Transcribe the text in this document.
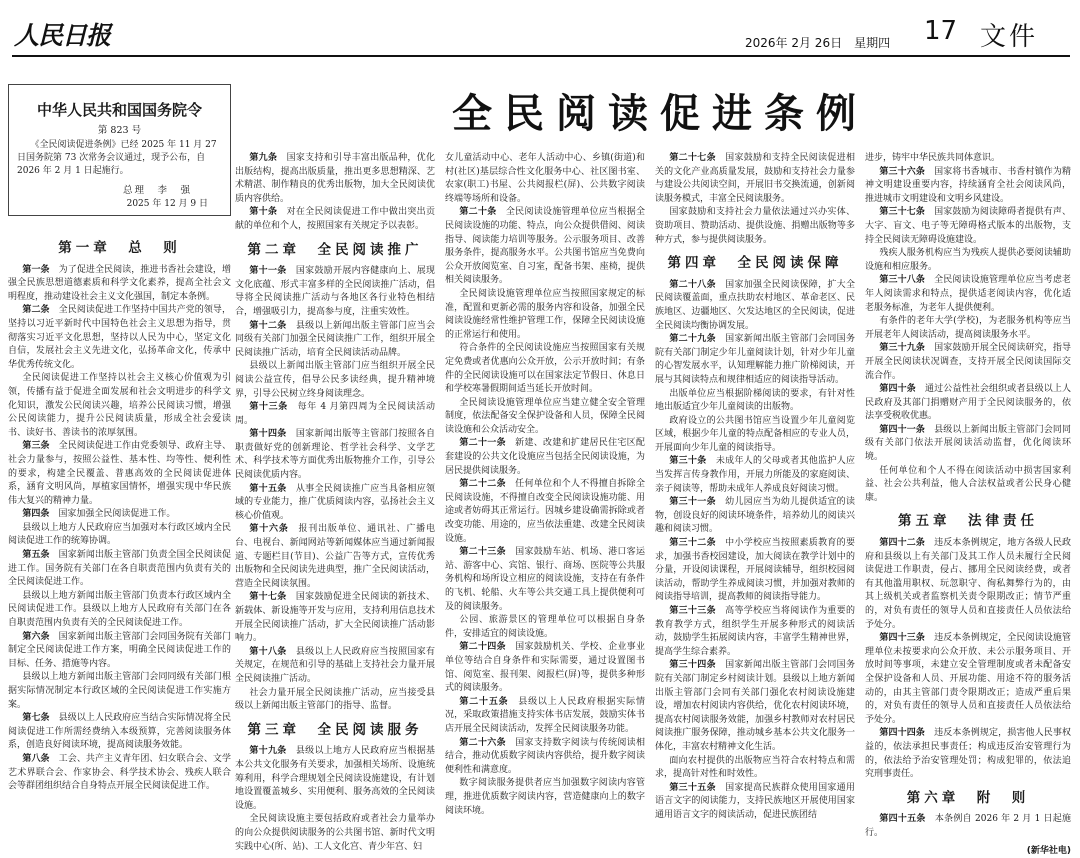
人民日报	2026年 2月 26日　星期四 17 文件
中华人民共和国国务院令
第 823 号
《全民阅读促进条例》已经 2025 年 11 月 27 日国务院第 73 次常务会议通过，现予公布，自 2026 年 2 月 1 日起施行。
总理　李　强
2025 年 12 月 9 日
全民阅读促进条例
第一章　总　则

第一条　为了促进全民阅读，推进书香社会建设，增强全民族思想道德素质和科学文化素养，提高全社会文明程度，推动建设社会主义文化强国，制定本条例。

第二条　全民阅读促进工作坚持中国共产党的领导，坚持以习近平新时代中国特色社会主义思想为指导，贯彻落实习近平文化思想，坚持以人民为中心，坚定文化自信，发展社会主义先进文化，弘扬革命文化，传承中华优秀传统文化。

全民阅读促进工作坚持以社会主义核心价值观为引领，传播有益于促进全面发展和社会文明进步的科学文化知识，激发公民阅读兴趣，培养公民阅读习惯，增强公民阅读能力，提升公民阅读质量，形成全社会爱读书、读好书、善读书的浓厚氛围。

第三条　全民阅读促进工作由党委领导、政府主导、社会力量参与，按照公益性、基本性、均等性、便利性的要求，构建全民覆盖、普惠高效的全民阅读促进体系，涵育文明风尚，厚植家国情怀，增强实现中华民族伟大复兴的精神力量。

第四条　国家加强全民阅读促进工作。

县级以上地方人民政府应当加强对本行政区域内全民阅读促进工作的统筹协调。

第五条　国家新闻出版主管部门负责全国全民阅读促进工作。国务院有关部门在各自职责范围内负责有关的全民阅读促进工作。

县级以上地方新闻出版主管部门负责本行政区域内全民阅读促进工作。县级以上地方人民政府有关部门在各自职责范围内负责有关的全民阅读促进工作。

第六条　国家新闻出版主管部门会同国务院有关部门制定全民阅读促进工作方案，明确全民阅读促进工作的目标、任务、措施等内容。

县级以上地方新闻出版主管部门会同同级有关部门根据实际情况制定本行政区域的全民阅读促进工作实施方案。

第七条　县级以上人民政府应当结合实际情况将全民阅读促进工作所需经费纳入本级预算，完善阅读服务体系，创造良好阅读环境，提高阅读服务效能。

第八条　工会、共产主义青年团、妇女联合会、文学艺术界联合会、作家协会、科学技术协会、残疾人联合会等群团组织结合自身特点开展全民阅读促进工作。

第九条　国家支持和引导丰富出版品种，优化出版结构，提高出版质量，推出更多思想精深、艺术精湛、制作精良的优秀出版物，加大全民阅读优质内容供给。

第十条　对在全民阅读促进工作中做出突出贡献的单位和个人，按照国家有关规定予以表彰。

第二章　全民阅读推广

第十一条　国家鼓励开展内容健康向上、展现文化底蕴、形式丰富多样的全民阅读推广活动，倡导将全民阅读推广活动与各地区各行业特色相结合，增强吸引力，提高参与度，注重实效性。

第十二条　县级以上新闻出版主管部门应当会同级有关部门加强全民阅读推广工作，组织开展全民阅读推广活动，培育全民阅读活动品牌。

县级以上新闻出版主管部门应当组织开展全民阅读公益宣传，倡导公民多读经典，提升精神境界，引导公民树立终身阅读理念。

第十三条　每年 4 月第四周为全民阅读活动周。

第十四条　国家新闻出版等主管部门按照各自职责做好党的创新理论、哲学社会科学、文学艺术、科学技术等方面优秀出版物推介工作，引导公民阅读优质内容。

第十五条　从事全民阅读推广应当具备相应领域的专业能力，推广优质阅读内容，弘扬社会主义核心价值观。

第十六条　报刊出版单位、通讯社、广播电台、电视台、新闻网站等新闻媒体应当通过新闻报道、专题栏目(节目)、公益广告等方式，宣传优秀出版物和全民阅读先进典型，推广全民阅读活动，营造全民阅读氛围。

第十七条　国家鼓励促进全民阅读的新技术、新载体、新设施等开发与应用，支持利用信息技术开展全民阅读推广活动，扩大全民阅读推广活动影响力。

第十八条　县级以上人民政府应当按照国家有关规定，在规范和引导的基础上支持社会力量开展全民阅读推广活动。

社会力量开展全民阅读推广活动，应当接受县级以上新闻出版主管部门的指导、监督。

第三章　全民阅读服务

第十九条　县级以上地方人民政府应当根据基本公共文化服务有关要求，加强相关场所、设施统筹利用，科学合理规划全民阅读设施建设，有计划地设置覆盖城乡、实用便利、服务高效的全民阅读设施。

全民阅读设施主要包括政府或者社会力量举办的向公众提供阅读服务的公共图书馆、新时代文明实践中心(所、站)、工人文化宫、青少年宫、妇

女儿童活动中心、老年人活动中心、乡镇(街道)和村(社区)基层综合性文化服务中心、社区图书室、农家(职工)书屋、公共阅报栏(屏)、公共数字阅读终端等场所和设备。

第二十条　全民阅读设施管理单位应当根据全民阅读设施的功能、特点，向公众提供借阅、阅读指导、阅读能力培训等服务。公示服务项目、改善服务条件，提高服务水平。公共图书馆应当免费向公众开放阅览室、自习室，配备书架、座椅，提供相关阅读服务。

全民阅读设施管理单位应当按照国家规定的标准，配置和更新必需的服务内容和设备，加强全民阅读设施经常性维护管理工作，保障全民阅读设施的正常运行和使用。

符合条件的全民阅读设施应当按照国家有关规定免费或者优惠向公众开放，公示开放时间；有条件的全民阅读设施可以在国家法定节假日、休息日和学校寒暑假期间适当延长开放时间。

全民阅读设施管理单位应当建立健全安全管理制度，依法配备安全保护设备和人员，保障全民阅读设施和公众活动安全。

第二十一条　新建、改建和扩建居民住宅区配套建设的公共文化设施应当包括全民阅读设施，为居民提供阅读服务。

第二十二条　任何单位和个人不得擅自拆除全民阅读设施，不得擅自改变全民阅读设施功能、用途或者妨碍其正常运行。因城乡建设确需拆除或者改变功能、用途的，应当依法重建、改建全民阅读设施。

第二十三条　国家鼓励车站、机场、港口客运站、游客中心、宾馆、银行、商场、医院等公共服务机构和场所设立相应的阅读设施，支持在有条件的飞机、轮船、火车等公共交通工具上提供便利可及的阅读服务。

公园、旅游景区的管理单位可以根据自身条件，安排适宜的阅读设施。

第二十四条　国家鼓励机关、学校、企业事业单位等结合自身条件和实际需要，通过设置图书馆、阅览室、报刊架、阅报栏(屏)等，提供多种形式的阅读服务。

第二十五条　县级以上人民政府根据实际情况，采取政策措施支持实体书店发展，鼓励实体书店开展全民阅读活动，发挥全民阅读服务功能。

第二十六条　国家支持数字阅读与传统阅读相结合，推动优质数字阅读内容供给，提升数字阅读便利性和满意度。

数字阅读服务提供者应当加强数字阅读内容管理，推进优质数字阅读内容，营造健康向上的数字阅读环境。

第二十七条　国家鼓励和支持全民阅读促进相关的文化产业高质量发展，鼓励和支持社会力量参与建设公共阅读空间，开展旧书交换流通，创新阅读服务模式，丰富全民阅读服务。

国家鼓励和支持社会力量依法通过兴办实体、资助项目、赞助活动、提供设施、捐赠出版物等多种方式，参与提供阅读服务。

第四章　全民阅读保障

第二十八条　国家加强全民阅读保障，扩大全民阅读覆盖面，重点扶助农村地区、革命老区、民族地区、边疆地区、欠发达地区的全民阅读，促进全民阅读均衡协调发展。

第二十九条　国家新闻出版主管部门会同国务院有关部门制定少年儿童阅读计划，针对少年儿童的心智发展水平，认知理解能力推广阶梯阅读，开展与其阅读特点和规律相适应的阅读指导活动。

出版单位应当根据阶梯阅读的要求，有针对性地出版适宜少年儿童阅读的出版物。

政府设立的公共图书馆应当设置少年儿童阅览区域，根据少年儿童的特点配备相应的专业人员，开展面向少年儿童的阅读指导。

第三十条　未成年人的父母或者其他监护人应当发挥言传身教作用，开展力所能及的家庭阅读、亲子阅读等，帮助未成年人养成良好阅读习惯。

第三十一条　幼儿园应当为幼儿提供适宜的读物，创设良好的阅读环境条件，培养幼儿的阅读兴趣和阅读习惯。

第三十二条　中小学校应当按照素质教育的要求，加强书香校园建设，加大阅读在教学计划中的分量，开设阅读课程，开展阅读辅导，组织校园阅读活动，帮助学生养成阅读习惯，并加强对教师的阅读指导培训，提高教师的阅读指导能力。

第三十三条　高等学校应当将阅读作为重要的教育教学方式，组织学生开展多种形式的阅读活动，鼓励学生拓展阅读内容，丰富学生精神世界，提高学生综合素养。

第三十四条　国家新闻出版主管部门会同国务院有关部门制定乡村阅读计划。县级以上地方新闻出版主管部门会同有关部门强化农村阅读设施建设，增加农村阅读内容供给，优化农村阅读环境，提高农村阅读服务效能，加强乡村教师对农村居民阅读推广服务保障，推动城乡基本公共文化服务一体化，丰富农村精神文化生活。

面向农村提供的出版物应当符合农村特点和需求，提高针对性和时效性。

第三十五条　国家提高民族群众使用国家通用语言文字的阅读能力，支持民族地区开展使用国家通用语言文字的阅读活动，促进民族团结

进步，铸牢中华民族共同体意识。

第三十六条　国家将书香城市、书香村镇作为精神文明建设重要内容，持续涵育全社会阅读风尚，推进城市文明建设和文明乡风建设。

第三十七条　国家鼓励为阅读障碍者提供有声、大字、盲文、电子等无障碍格式版本的出版物，支持全民阅读无障碍设施建设。

残疾人服务机构应当为残疾人提供必要阅读辅助设施和相应服务。

第三十八条　全民阅读设施管理单位应当考虑老年人阅读需求和特点，提供适老阅读内容，优化适老服务标准，为老年人提供便利。

有条件的老年大学(学校)，为老服务机构等应当开展老年人阅读活动，提高阅读服务水平。

第三十九条　国家鼓励开展全民阅读研究，指导开展全民阅读状况调查，支持开展全民阅读国际交流合作。

第四十条　通过公益性社会组织或者县级以上人民政府及其部门捐赠财产用于全民阅读服务的，依法享受税收优惠。

第四十一条　县级以上新闻出版主管部门会同同级有关部门依法开展阅读活动监督，优化阅读环境。

任何单位和个人不得在阅读活动中损害国家利益、社会公共利益，他人合法权益或者公民身心健康。

第五章　法律责任

第四十二条　违反本条例规定，地方各级人民政府和县级以上有关部门及其工作人员未履行全民阅读促进工作职责，侵占、挪用全民阅读经费，或者有其他滥用职权、玩忽职守、徇私舞弊行为的，由其上级机关或者监察机关责令限期改正；情节严重的，对负有责任的领导人员和直接责任人员依法给予处分。

第四十三条　违反本条例规定，全民阅读设施管理单位未按要求向公众开放、未公示服务项目、开放时间等事项，未建立安全管理制度或者未配备安全保护设备和人员、开展功能、用途不符的服务活动的，由其主管部门责令限期改正；造成严重后果的，对负有责任的领导人员和直接责任人员依法给予处分。

第四十四条　违反本条例规定，损害他人民事权益的，依法承担民事责任；构成违反治安管理行为的，依法给予治安管理处罚；构成犯罪的，依法追究刑事责任。

第六章　附　则

第四十五条　本条例自 2026 年 2 月 1 日起施行。

(新华社电)
